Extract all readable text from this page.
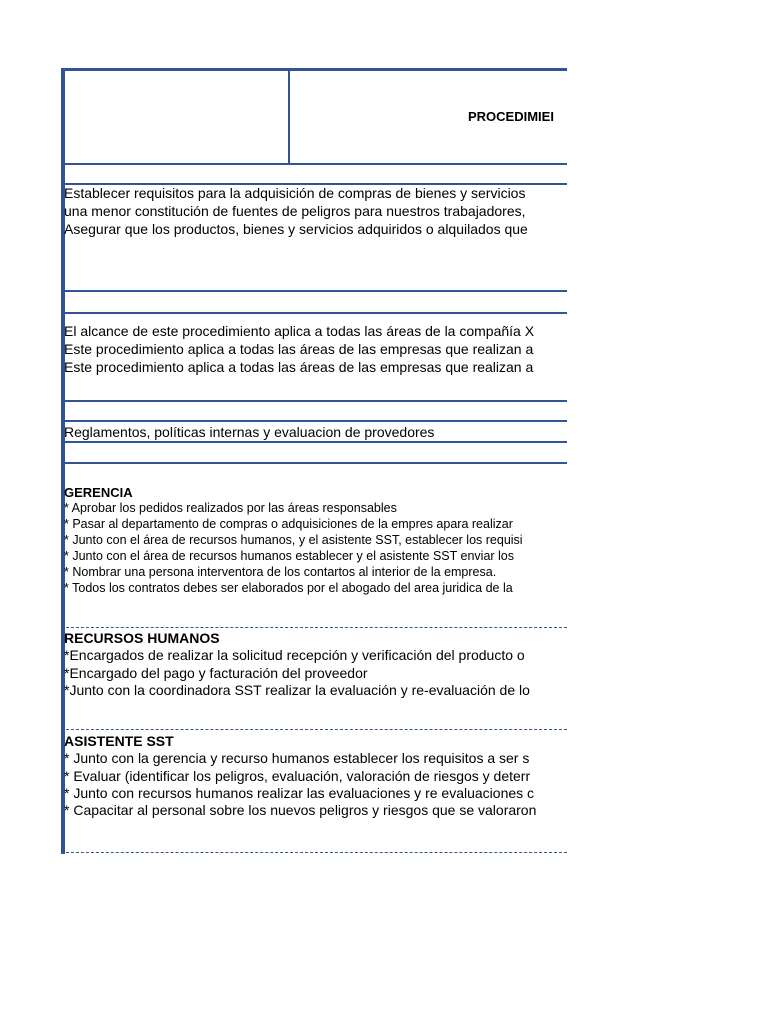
PROCEDIMIEI
Establecer requisitos para la adquisición de compras de bienes y servicios
una menor constitución de fuentes de peligros para nuestros trabajadores,
Asegurar que los productos, bienes y servicios adquiridos o alquilados que
El alcance de este procedimiento aplica a todas las áreas de la compañía X
Este procedimiento aplica a todas las áreas de las empresas que realizan a
Este procedimiento aplica a todas las áreas de las empresas que realizan a
Reglamentos, políticas internas y evaluacion de provedores
GERENCIA
* Aprobar los pedidos realizados por las áreas responsables
* Pasar al departamento de compras o adquisiciones de la empres apara realizar
* Junto con el área de recursos humanos, y el asistente SST, establecer los requisi
* Junto con el área de recursos humanos establecer y el asistente SST enviar los
* Nombrar una persona interventora de los contartos al interior de la empresa.
* Todos los contratos debes ser elaborados por el abogado del area juridica de la
RECURSOS HUMANOS
*Encargados de realizar la solicitud recepción y verificación del producto o
*Encargado del pago y facturación del proveedor
*Junto con la coordinadora SST realizar la evaluación y re-evaluación de lo
ASISTENTE SST
* Junto con la gerencia y recurso humanos establecer los requisitos a ser s
* Evaluar (identificar los peligros, evaluación, valoración de riesgos y deterr
* Junto con recursos humanos realizar las evaluaciones y re evaluaciones c
* Capacitar al personal sobre los nuevos peligros y riesgos que se valoraron
